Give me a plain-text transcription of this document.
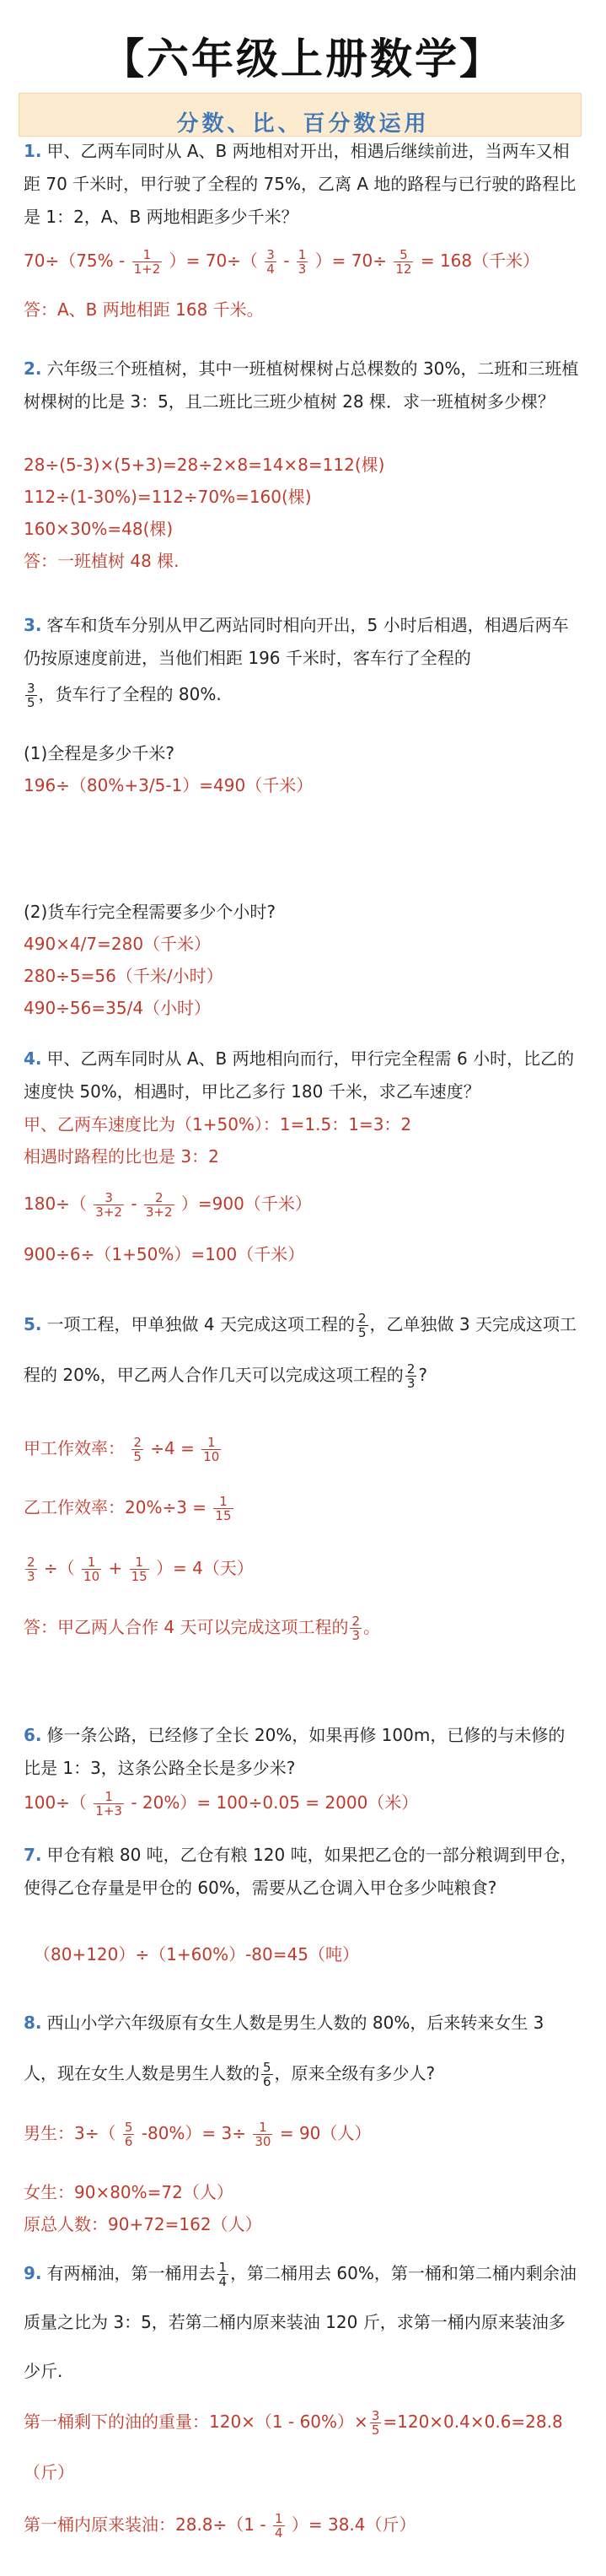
【六年级上册数学】
分数、比、百分数运用
1. 甲、乙两车同时从 A、B 两地相对开出，相遇后继续前进，当两车又相距 70 千米时，甲行驶了全程的 75%，乙离 A 地的路程与已行驶的路程比是 1：2，A、B 两地相距多少千米？
$70\div(75\% - \frac{1}{1+2}$ ）= $70\div( \frac{3}{4} - \frac{1}{3}$ ）= $70\div \frac{5}{12} = 168$（千米）
答：A、B 两地相距 168 千米。
2. 六年级三个班植树，其中一班植树棵树占总棵数的 30%，二班和三班植树棵树的比是 3：5，且二班比三班少植树 28 棵．求一班植树多少棵？
28÷(5-3)×(5+3)=28÷2×8=14×8=112(棵)
112÷(1-30%)=112÷70%=160(棵)
160×30%=48(棵)
答：一班植树 48 棵.
3. 客车和货车分别从甲乙两站同时相向开出，5 小时后相遇，相遇后两车仍按原速度前进，当他们相距 196 千米时，客车行了全程的
$\frac{3}{5}$ ，货车行了全程的 80%.
(1)全程是多少千米?
196÷（80%+3/5-1）=490（千米）
(2)货车行完全程需要多少个小时?
490×4/7=280（千米）
280÷5=56（千米/小时）
490÷56=35/4（小时）
4. 甲、乙两车同时从 A、B 两地相向而行，甲行完全程需 6 小时，比乙的速度快 50%，相遇时，甲比乙多行 180 千米，求乙车速度？
甲、乙两车速度比为（1+50%）：1=1.5：1=3：2
相遇时路程的比也是 3：2
$180\div( \frac{3}{3+2} - \frac{2}{3+2} )=900$（千米）
900÷6÷（1+50%）=100（千米）
5. 一项工程，甲单独做 4 天完成这项工程的 $\frac{2}{5}$ ，乙单独做 3 天完成这项工程的 20%，甲乙两人合作几天可以完成这项工程的 $\frac{2}{3}$ ?
甲工作效率： $\frac{2}{5} \div 4 = \frac{1}{10}$
乙工作效率：$20\%\div 3 = \frac{1}{15}$
$\frac{2}{3}$ ÷（ $\frac{1}{10} + \frac{1}{15}$ ）= 4（天）
答：甲乙两人合作 4 天可以完成这项工程的 $\frac{2}{3}$ 。
6. 修一条公路，已经修了全长 20%，如果再修 100m，已修的与未修的比是 1：3，这条公路全长是多少米?
$100\div( \frac{1}{1+3} - 20\%)= 100\div 0.05 = 2000$（米）
7. 甲仓有粮 80 吨，乙仓有粮 120 吨，如果把乙仓的一部分粮调到甲仓，使得乙仓存量是甲仓的 60%，需要从乙仓调入甲仓多少吨粮食?
（80+120）÷（1+60%）-80=45（吨）
8. 西山小学六年级原有女生人数是男生人数的 80%，后来转来女生 3 人，现在女生人数是男生人数的 $\frac{5}{6}$ ，原来全级有多少人?
男生：$3\div( \frac{5}{6} -80\%)= 3\div \frac{1}{30} = 90$（人）
女生：90×80%=72（人）
原总人数：90+72=162（人）
9. 有两桶油，第一桶用去 $\frac{1}{4}$ ，第二桶用去 60%，第一桶和第二桶内剩余油质量之比为 3：5，若第二桶内原来装油 120 斤，求第一桶内原来装油多少斤.
第一桶剩下的油的重量：$120\times(1 - 60\%)\times \frac{3}{5} =120\times 0.4\times 0.6=28.8$
（斤）
第一桶内原来装油：$28.8\div(1 - \frac{1}{4}$ ）= 38.4（斤）
